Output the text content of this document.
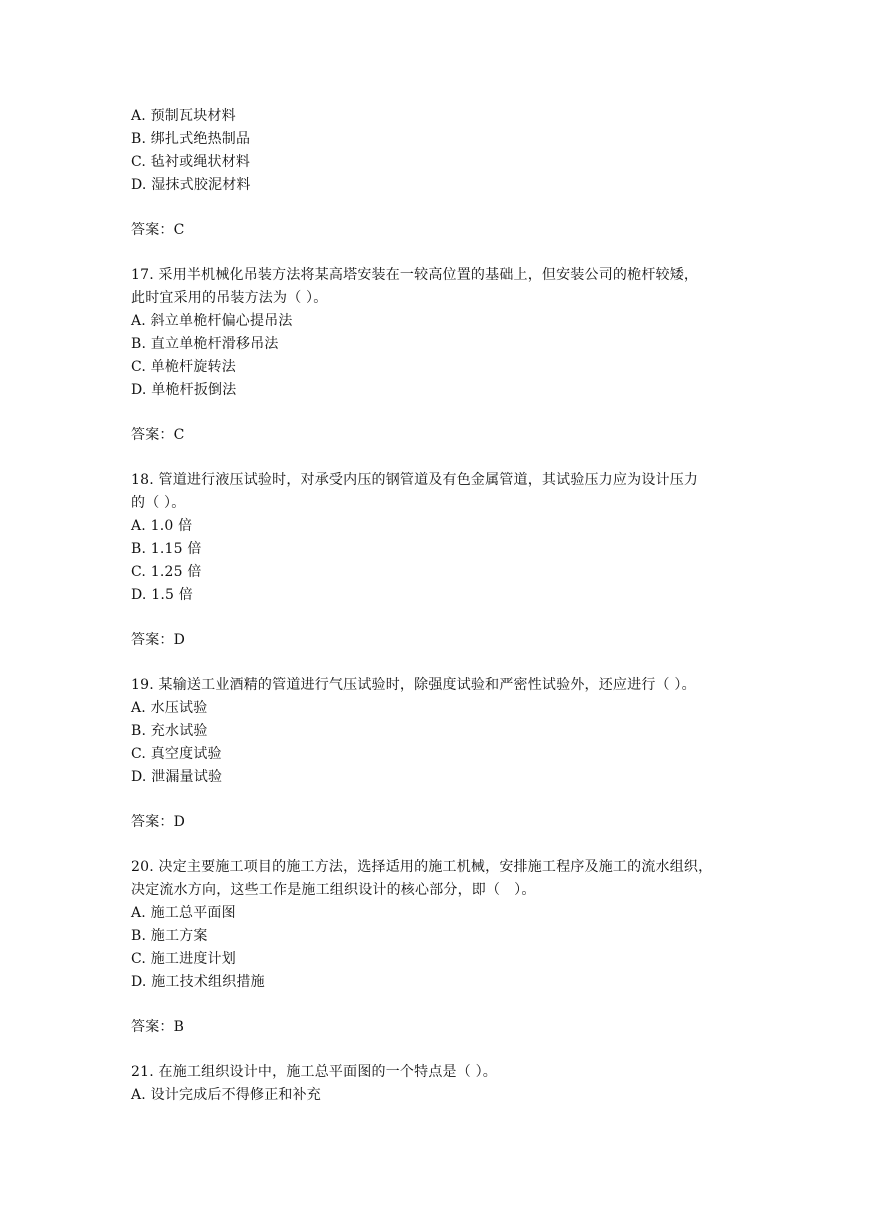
A. 预制瓦块材料
B. 绑扎式绝热制品
C. 毡衬或绳状材料
D. 湿抹式胶泥材料
答案：C
17. 采用半机械化吊装方法将某高塔安装在一较高位置的基础上，但安装公司的桅杆较矮，
此时宜采用的吊装方法为（ ）。
A. 斜立单桅杆偏心提吊法
B. 直立单桅杆滑移吊法
C. 单桅杆旋转法
D. 单桅杆扳倒法
答案：C
18. 管道进行液压试验时，对承受内压的钢管道及有色金属管道，其试验压力应为设计压力
的（ ）。
A. 1.0 倍
B. 1.15 倍
C. 1.25 倍
D. 1.5 倍
答案：D
19. 某输送工业酒精的管道进行气压试验时，除强度试验和严密性试验外，还应进行（ ）。
A. 水压试验
B. 充水试验
C. 真空度试验
D. 泄漏量试验
答案：D
20. 决定主要施工项目的施工方法，选择适用的施工机械，安排施工程序及施工的流水组织，
决定流水方向，这些工作是施工组织设计的核心部分，即（   ）。
A. 施工总平面图
B. 施工方案
C. 施工进度计划
D. 施工技术组织措施
答案：B
21. 在施工组织设计中，施工总平面图的一个特点是（ ）。
A. 设计完成后不得修正和补充
